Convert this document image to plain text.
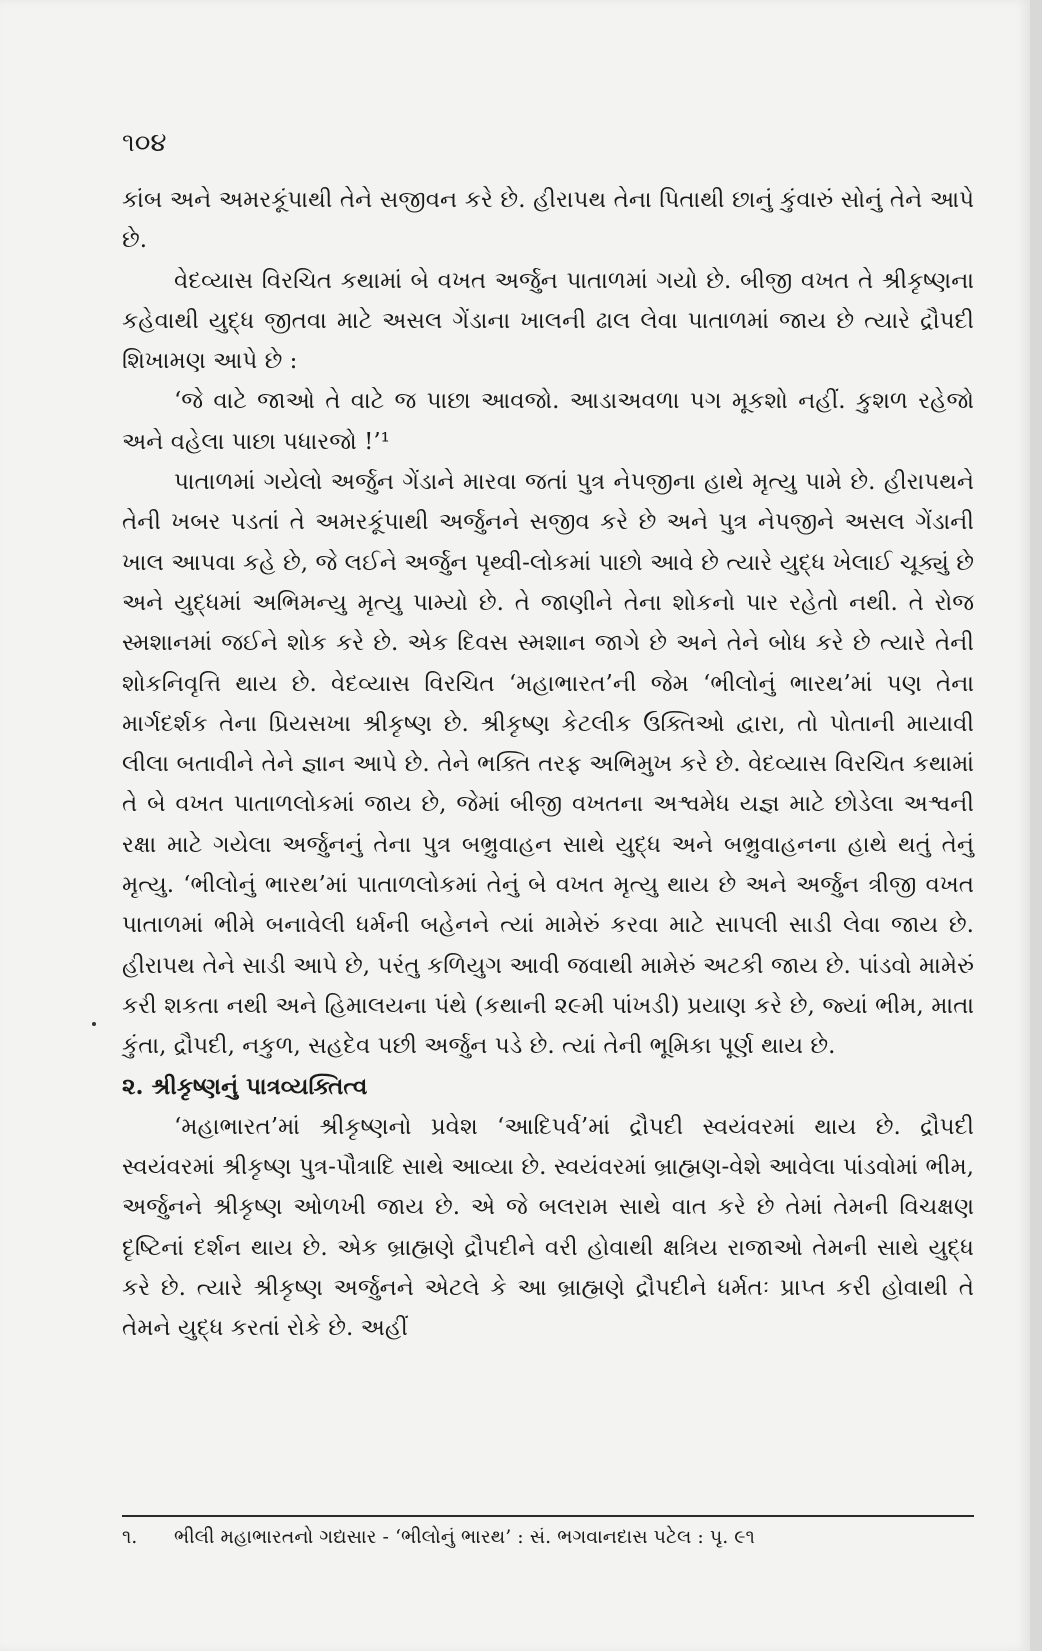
૧૦૪

કાંબ અને અમરકૂંપાથી તેને સજીવન કરે છે. હીરાપથ તેના પિતાથી છાનું કુંવારું સોનું તેને આપે છે.

વેદવ્યાસ વિરચિત કથામાં બે વખત અર્જુન પાતાળમાં ગયો છે. બીજી વખત તે શ્રીકૃષ્ણના કહેવાથી યુદ્ધ જીતવા માટે અસલ ગેંડાના ખાલની ઢાલ લેવા પાતાળમાં જાય છે ત્યારે દ્રૌપદી શિખામણ આપે છે :

‘જે વાટે જાઓ તે વાટે જ પાછા આવજો. આડાઅવળા પગ મૂકશો નહીં. કુશળ રહેજો અને વહેલા પાછા પધારજો !’¹

પાતાળમાં ગયેલો અર્જુન ગેંડાને મારવા જતાં પુત્ર નેપજીના હાથે મૃત્યુ પામે છે. હીરાપથને તેની ખબર પડતાં તે અમરકૂંપાથી અર્જુનને સજીવ કરે છે અને પુત્ર નેપજીને અસલ ગેંડાની ખાલ આપવા કહે છે, જે લઈને અર્જુન પૃથ્વી-લોકમાં પાછો આવે છે ત્યારે યુદ્ધ ખેલાઈ ચૂક્યું છે અને યુદ્ધમાં અભિમન્યુ મૃત્યુ પામ્યો છે. તે જાણીને તેના શોકનો પાર રહેતો નથી. તે રોજ સ્મશાનમાં જઈને શોક કરે છે. એક દિવસ સ્મશાન જાગે છે અને તેને બોધ કરે છે ત્યારે તેની શોકનિવૃત્તિ થાય છે. વેદવ્યાસ વિરચિત ‘મહાભારત’ની જેમ ‘ભીલોનું ભારથ’માં પણ તેના માર્ગદર્શક તેના પ્રિયસખા શ્રીકૃષ્ણ છે. શ્રીકૃષ્ણ કેટલીક ઉક્તિઓ દ્વારા, તો પોતાની માયાવી લીલા બતાવીને તેને જ્ઞાન આપે છે. તેને ભક્તિ તરફ અભિમુખ કરે છે. વેદવ્યાસ વિરચિત કથામાં તે બે વખત પાતાળલોકમાં જાય છે, જેમાં બીજી વખતના અશ્વમેધ યજ્ઞ માટે છોડેલા અશ્વની રક્ષા માટે ગયેલા અર્જુનનું તેના પુત્ર બભ્રુવાહન સાથે યુદ્ધ અને બભ્રુવાહનના હાથે થતું તેનું મૃત્યુ. ‘ભીલોનું ભારથ’માં પાતાળલોકમાં તેનું બે વખત મૃત્યુ થાય છે અને અર્જુન ત્રીજી વખત પાતાળમાં ભીમે બનાવેલી ધર્મની બહેનને ત્યાં મામેરું કરવા માટે સાપલી સાડી લેવા જાય છે. હીરાપથ તેને સાડી આપે છે, પરંતુ કળિયુગ આવી જવાથી મામેરું અટકી જાય છે. પાંડવો મામેરું કરી શકતા નથી અને હિમાલયના પંથે (કથાની ૨૯મી પાંખડી) પ્રયાણ કરે છે, જ્યાં ભીમ, માતા કુંતા, દ્રૌપદી, નકુળ, સહદેવ પછી અર્જુન પડે છે. ત્યાં તેની ભૂમિકા પૂર્ણ થાય છે.

૨. શ્રીકૃષ્ણનું પાત્રવ્યક્તિત્વ

‘મહાભારત’માં શ્રીકૃષ્ણનો પ્રવેશ ‘આદિપર્વ’માં દ્રૌપદી સ્વયંવરમાં થાય છે. દ્રૌપદી સ્વયંવરમાં શ્રીકૃષ્ણ પુત્ર-પૌત્રાદિ સાથે આવ્યા છે. સ્વયંવરમાં બ્રાહ્મણ-વેશે આવેલા પાંડવોમાં ભીમ, અર્જુનને શ્રીકૃષ્ણ ઓળખી જાય છે. એ જે બલરામ સાથે વાત કરે છે તેમાં તેમની વિચક્ષણ દૃષ્ટિનાં દર્શન થાય છે. એક બ્રાહ્મણે દ્રૌપદીને વરી હોવાથી ક્ષત્રિય રાજાઓ તેમની સાથે યુદ્ધ કરે છે. ત્યારે શ્રીકૃષ્ણ અર્જુનને એટલે કે આ બ્રાહ્મણે દ્રૌપદીને ધર્મતઃ પ્રાપ્ત કરી હોવાથી તે તેમને યુદ્ધ કરતાં રોકે છે. અહીં

૧. ભીલી મહાભારતનો ગદ્યસાર - ‘ભીલોનું ભારથ’ : સં. ભગવાનદાસ પટેલ : પૃ. ૯૧
